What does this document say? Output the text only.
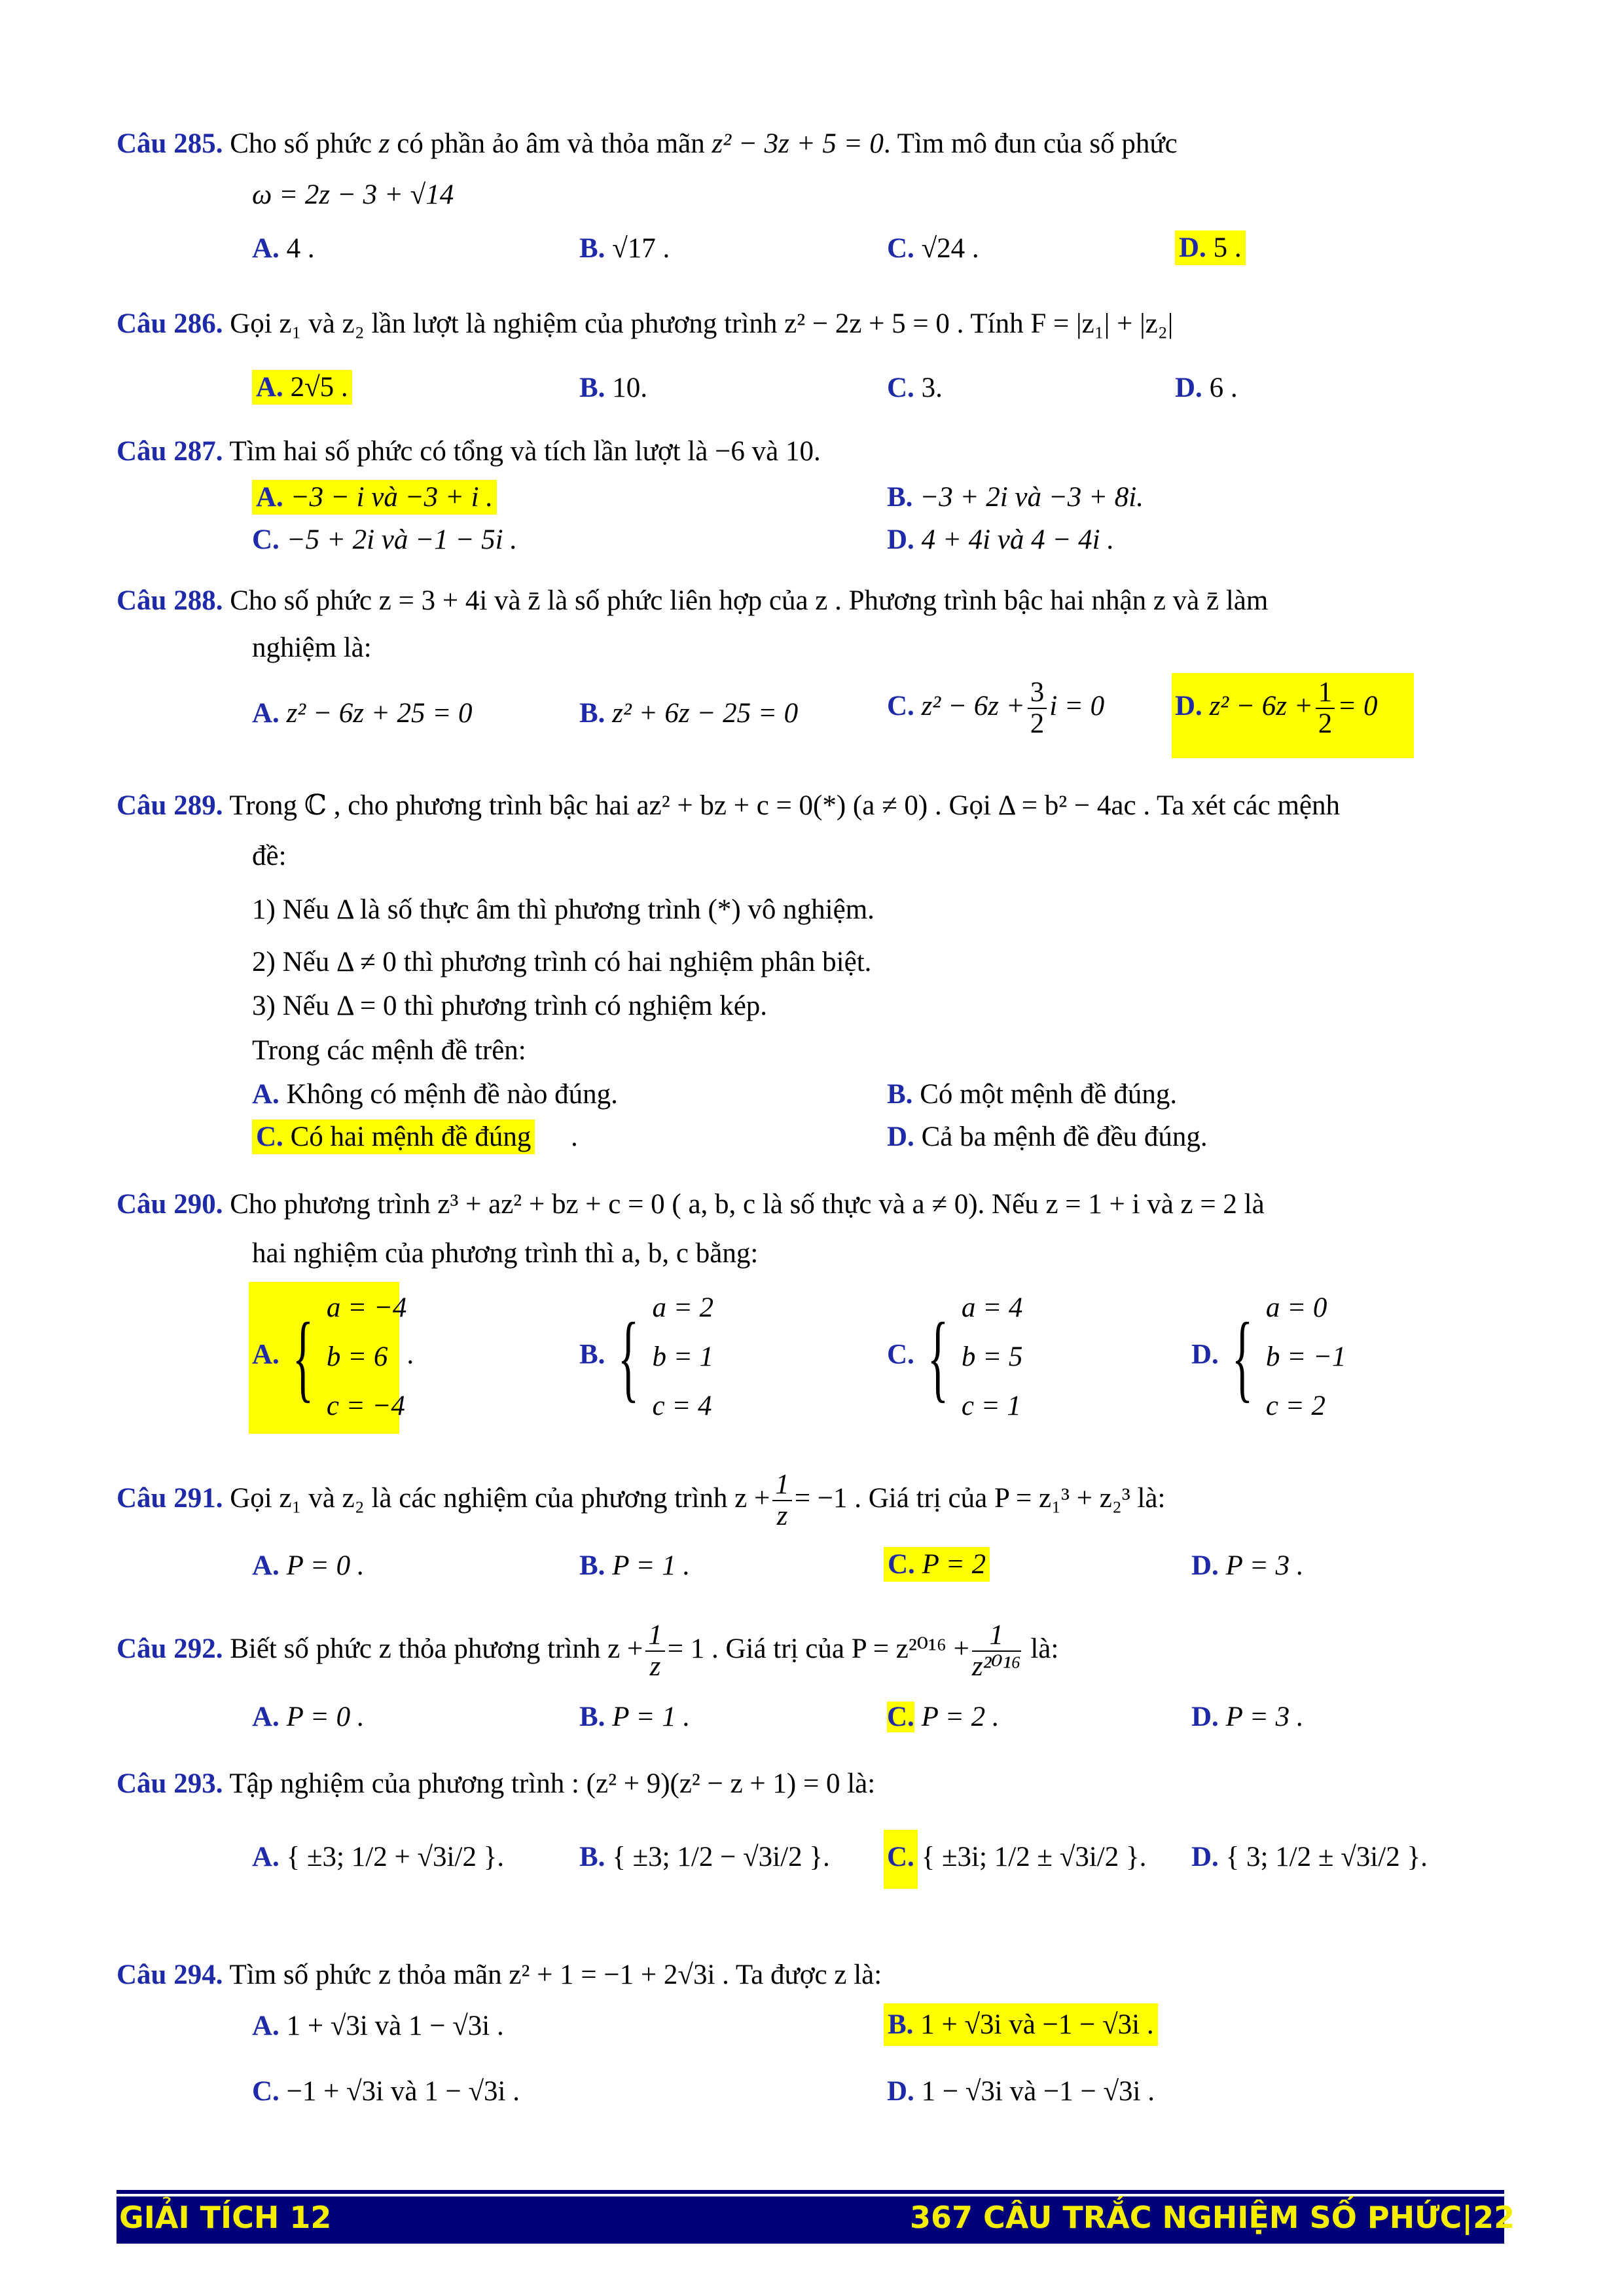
Câu 285. Cho số phức z có phần ảo âm và thỏa mãn z² − 3z + 5 = 0. Tìm mô đun của số phức
ω = 2z − 3 + √14
A. 4 .	B. √17 .	C. √24 .	D. 5 .
Câu 286. Gọi z₁ và z₂ lần lượt là nghiệm của phương trình z² − 2z + 5 = 0 . Tính F = |z₁| + |z₂|
A. 2√5 .	B. 10.	C. 3.	D. 6 .
Câu 287. Tìm hai số phức có tổng và tích lần lượt là −6 và 10.
A. −3 − i và −3 + i .	B. −3 + 2i và −3 + 8i.
C. −5 + 2i và −1 − 5i .	D. 4 + 4i và 4 − 4i .
Câu 288. Cho số phức z = 3 + 4i và z̄ là số phức liên hợp của z . Phương trình bậc hai nhận z và z̄ làm
nghiệm là:
A. z² − 6z + 25 = 0	B. z² + 6z − 25 = 0	C. $z^2 - 6z + \frac{3}{2}$ i = 0	D. $z^2 - 6z + \frac{1}{2} = 0$
Câu 289. Trong ℂ , cho phương trình bậc hai az² + bz + c = 0(*) (a ≠ 0) . Gọi Δ = b² − 4ac . Ta xét các mệnh
đề:
1) Nếu Δ là số thực âm thì phương trình (*) vô nghiệm.
2) Nếu Δ ≠ 0 thì phương trình có hai nghiệm phân biệt.
3) Nếu Δ = 0 thì phương trình có nghiệm kép.
Trong các mệnh đề trên:
A. Không có mệnh đề nào đúng.	B. Có một mệnh đề đúng.
C. Có hai mệnh đề đúng .	D. Cả ba mệnh đề đều đúng.
Câu 290. Cho phương trình z³ + az² + bz + c = 0 ( a, b, c là số thực và a ≠ 0). Nếu z = 1 + i và z = 2 là
hai nghiệm của phương trình thì a, b, c bằng:
A. { a = −4
b = 6
c = −4.	B. { a = 2
b = 1
c = 4
C. { a = 4
b = 5
c = 1
D. { a = 0
b = −1
c = 2
Câu 291. Gọi z₁ và z₂ là các nghiệm của phương trình $z + \frac{1}{z} = -1$ . Giá trị của P = z₁³ + z₂³ là:
A. P = 0 .	B. P = 1 .	C. P = 2	D. P = 3 .
Câu 292. Biết số phức z thỏa phương trình $z + \frac{1}{z} = 1$ . Giá trị của $P = z^{2016} + \frac{1}{\text{z²⁰¹⁶}}$ là:
A. P = 0 .	B. P = 1 .	C. P = 2 .	D. P = 3 .
Câu 293. Tập nghiệm của phương trình : (z² + 9)(z² − z + 1) = 0 là:
A. { ±3; 1/2 + √3i/2 }.	B. { ±3; 1/2 − √3i/2 }. C. { ±3i; 1/2 ± √3i/2 }. D. { 3; 1/2 ± √3i/2 }.
Câu 294. Tìm số phức z thỏa mãn z² + 1 = −1 + 2√3i . Ta được z là:
A. 1 + √3i và 1 − √3i .	B. 1 + √3i và −1 − √3i .
C. −1 + √3i và 1 − √3i .	D. 1 − √3i và −1 − √3i .
GIẢI TÍCH 12	367 CÂU TRẮC NGHIỆM SỐ PHỨC|22
